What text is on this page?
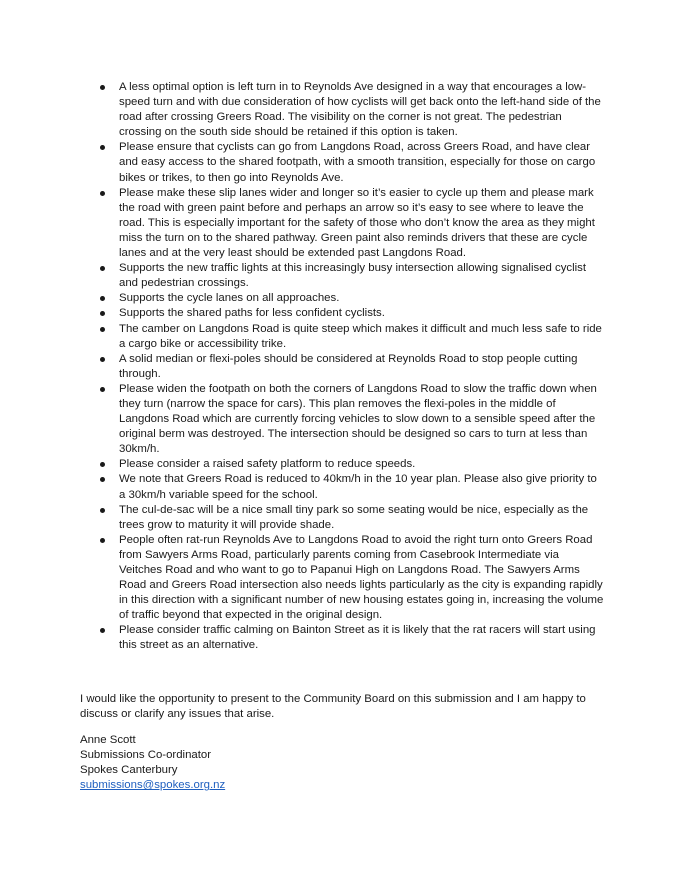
A less optimal option is left turn in to Reynolds Ave designed in a way that encourages a low-speed turn and with due consideration of how cyclists will get back onto the left-hand side of the road after crossing Greers Road. The visibility on the corner is not great. The pedestrian crossing on the south side should be retained if this option is taken.
Please ensure that cyclists can go from Langdons Road, across Greers Road, and have clear and easy access to the shared footpath, with a smooth transition, especially for those on cargo bikes or trikes, to then go into Reynolds Ave.
Please make these slip lanes wider and longer so it’s easier to cycle up them and please mark the road with green paint before and perhaps an arrow so it’s easy to see where to leave the road. This is especially important for the safety of those who don’t know the area as they might miss the turn on to the shared pathway. Green paint also reminds drivers that these are cycle lanes and at the very least should be extended past Langdons Road.
Supports the new traffic lights at this increasingly busy intersection allowing signalised cyclist and pedestrian crossings.
Supports the cycle lanes on all approaches.
Supports the shared paths for less confident cyclists.
The camber on Langdons Road is quite steep which makes it difficult and much less safe to ride a cargo bike or accessibility trike.
A solid median or flexi-poles should be considered at Reynolds Road to stop people cutting through.
Please widen the footpath on both the corners of Langdons Road to slow the traffic down when they turn (narrow the space for cars). This plan removes the flexi-poles in the middle of Langdons Road which are currently forcing vehicles to slow down to a sensible speed after the original berm was destroyed. The intersection should be designed so cars to turn at less than 30km/h.
Please consider a raised safety platform to reduce speeds.
We note that Greers Road is reduced to 40km/h in the 10 year plan. Please also give priority to a 30km/h variable speed for the school.
The cul-de-sac will be a nice small tiny park so some seating would be nice, especially as the trees grow to maturity it will provide shade.
People often rat-run Reynolds Ave to Langdons Road to avoid the right turn onto Greers Road from Sawyers Arms Road, particularly parents coming from Casebrook Intermediate via Veitches Road and who want to go to Papanui High on Langdons Road. The Sawyers Arms Road and Greers Road intersection also needs lights particularly as the city is expanding rapidly in this direction with a significant number of new housing estates going in, increasing the volume of traffic beyond that expected in the original design.
Please consider traffic calming on Bainton Street as it is likely that the rat racers will start using this street as an alternative.

I would like the opportunity to present to the Community Board on this submission and I am happy to discuss or clarify any issues that arise.

Anne Scott
Submissions Co-ordinator
Spokes Canterbury
submissions@spokes.org.nz
